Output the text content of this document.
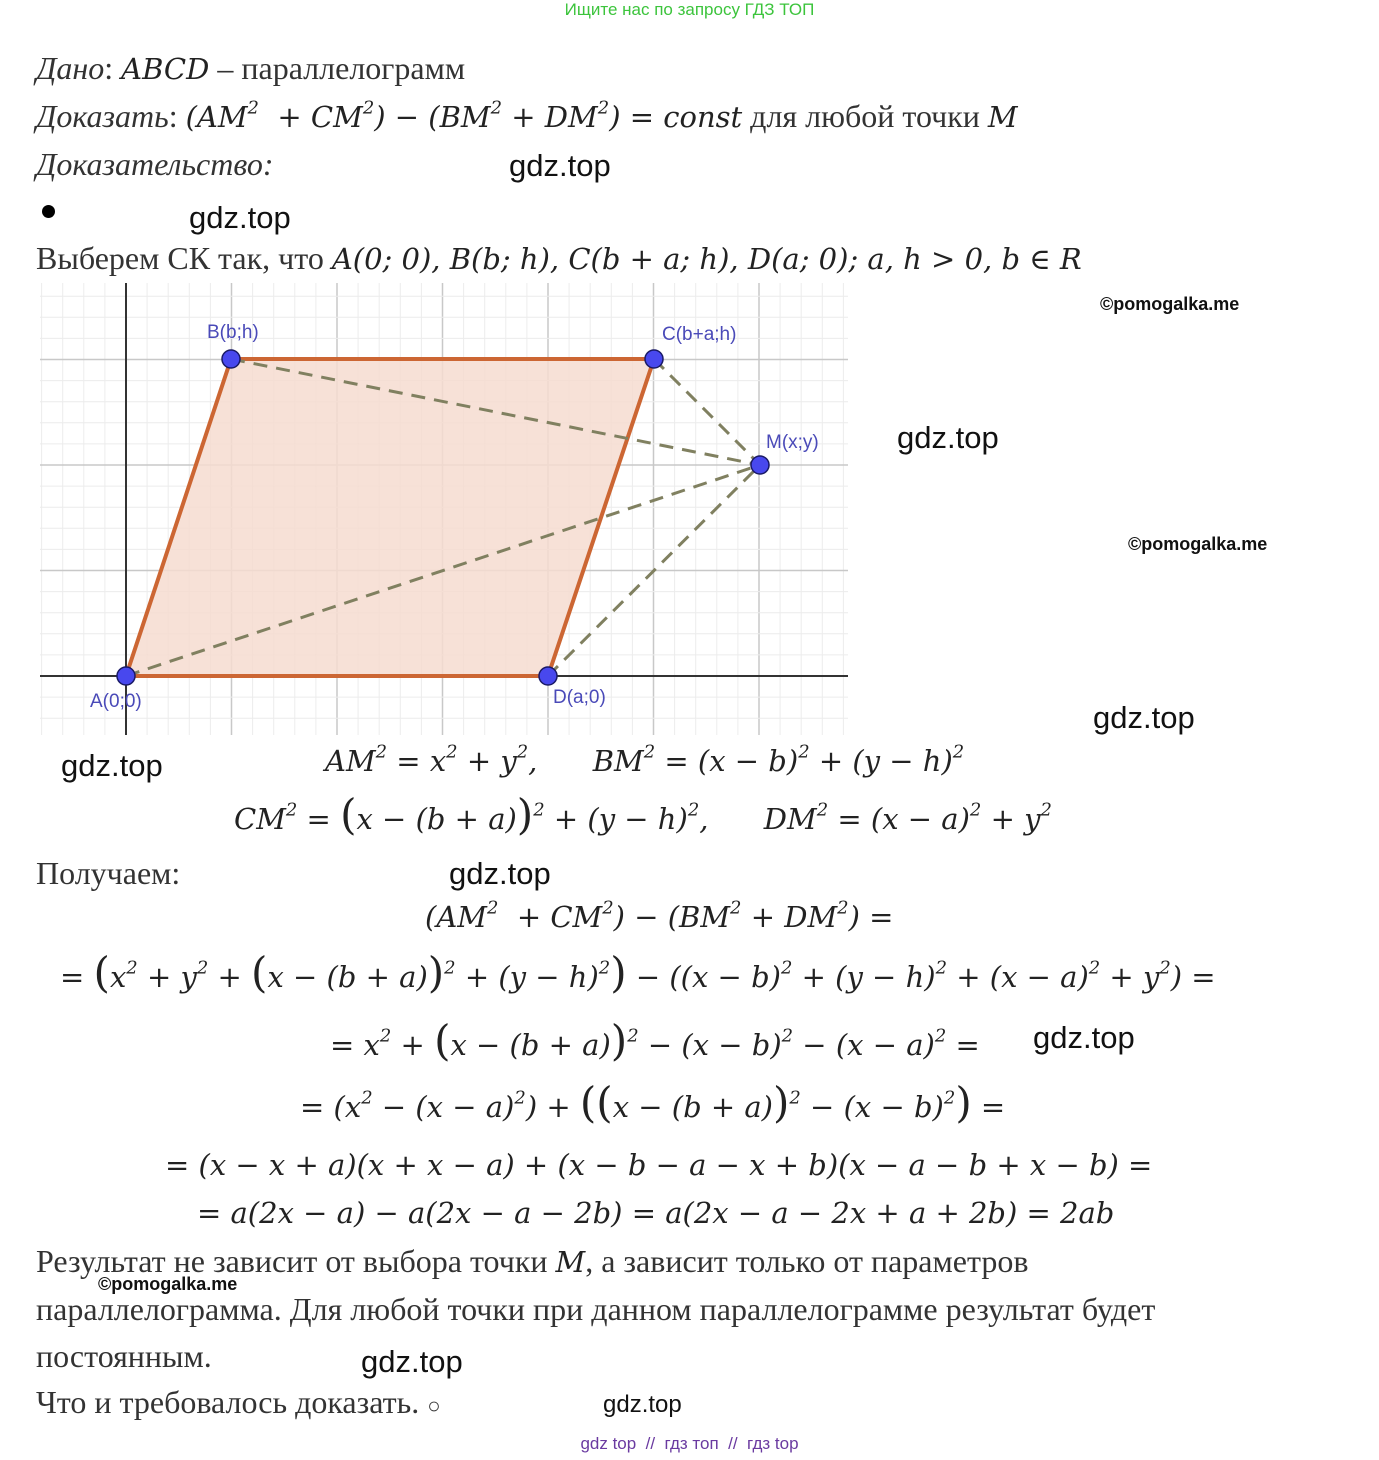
Ищите нас по запросу ГДЗ ТОП
Дано: ABCD – параллелограмм
Доказать: $(AM^2 + CM^2) - (BM^2 + DM^2)$ = const для любой точки M
Доказательство:	gdz.top
gdz.top
Выберем СК так, что A(0; 0), B(b; h), C(b + a; h), D(a; 0); a, h > 0, b ∈ R
A(0;0)
B(b;h)	C(b+a;h)
D(a;0)
M(x;y)
©pomogalka.me
gdz.top
©pomogalka.me
gdz.top
gdz.top	$AM^2 = x^2 + y^2$,      $BM^2 = (x - b)^2 + (y - h)^2$
$CM^2 = (x - (b + a))^2 + (y - h)^2$,      $DM^2 = (x - a)^2 + y^2$
Получаем:	gdz.top
$(AM^2 + CM^2) - (BM^2 + DM^2)$ =
= $(x^2 + y^2 + (x - (b + a))^2 + (y - h)^2) - ((x - b)^2 + (y - h)^2 + (x - a)^2 + y^2)$ =
= $x^2 + (x - (b + a))^2 - (x - b)^2 - (x - a)^2 = gdz.top$
= $(x^2 - (x - a)^2) + ((x - (b + a))^2 - (x - b)^2)$ =
= (x − x + a)(x + x − a) + (x − b − a − x + b)(x − a − b + x − b) =
= a(2x − a) − a(2x − a − 2b) = a(2x − a − 2x + a + 2b) = 2ab
Результат не зависит от выбора точки M, а зависит только от параметров
©pomogalka.me
параллелограмма. Для любой точки при данном параллелограмме результат будет
постоянным.	gdz.top
Что и требовалось доказать. ○	gdz.top
gdz top  //  гдз топ  //  гдз top
